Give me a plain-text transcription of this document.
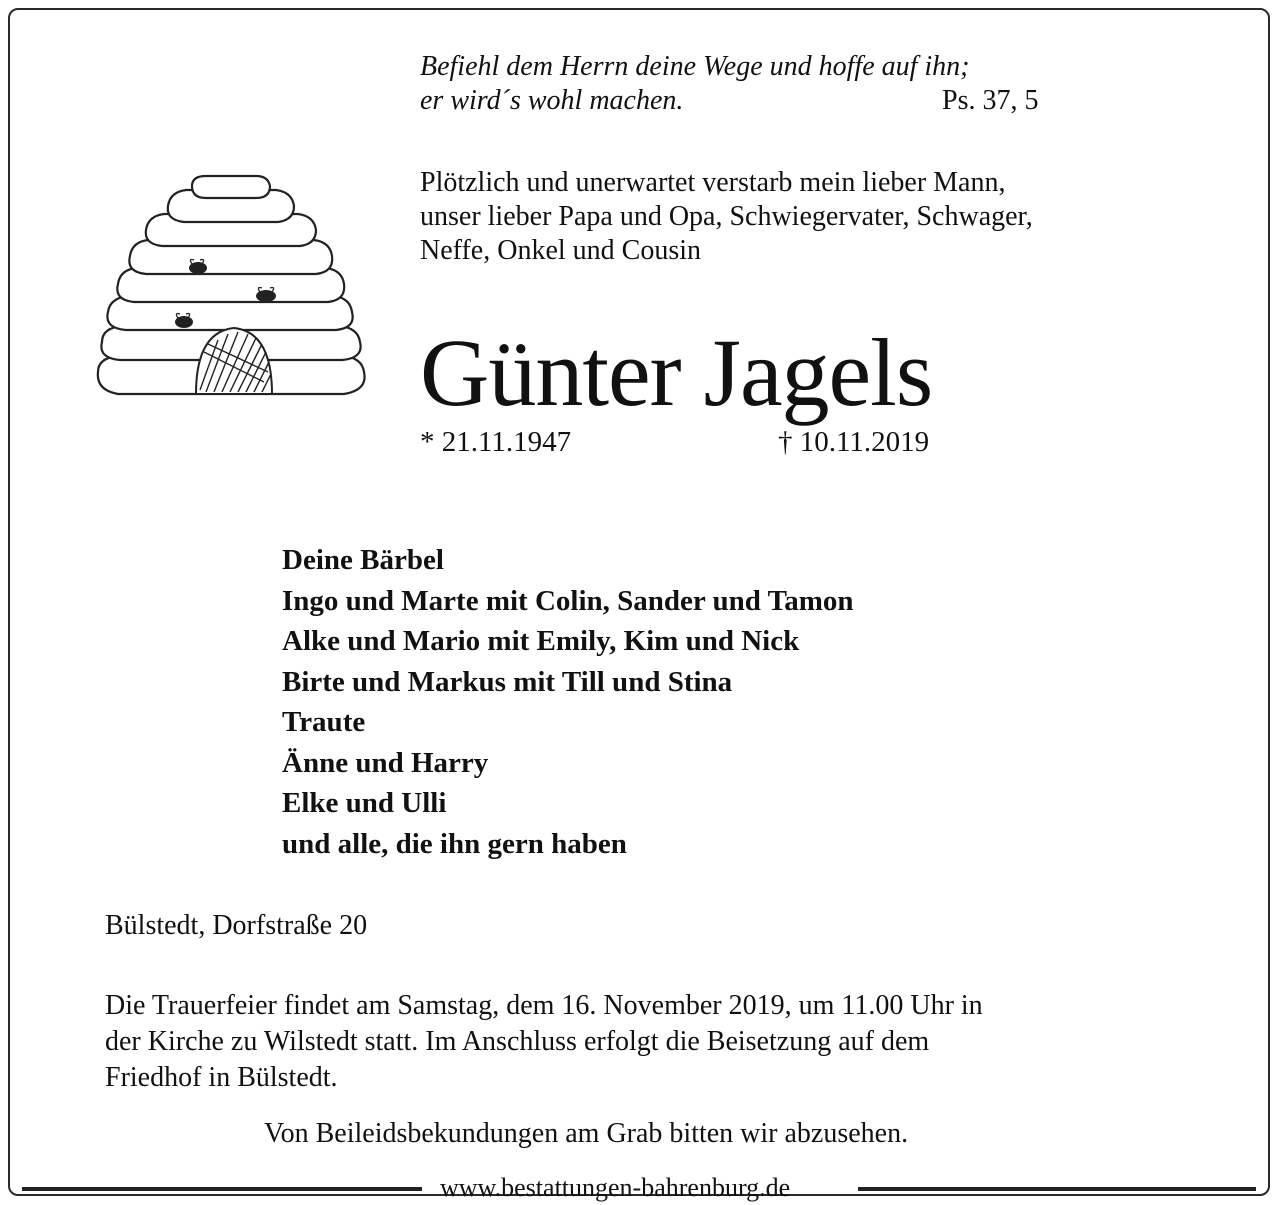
Befiehl dem Herrn deine Wege und hoffe auf ihn;
er wird´s wohl machen.	Ps. 37, 5
Plötzlich und unerwartet verstarb mein lieber Mann,
unser lieber Papa und Opa, Schwiegervater, Schwager,
Neffe, Onkel und Cousin
Günter Jagels
* 21.11.1947	† 10.11.2019
Deine Bärbel
Ingo und Marte mit Colin, Sander und Tamon
Alke und Mario mit Emily, Kim und Nick
Birte und Markus mit Till und Stina
Traute
Änne und Harry
Elke und Ulli
und alle, die ihn gern haben
Bülstedt, Dorfstraße 20
Die Trauerfeier findet am Samstag, dem 16. November 2019, um 11.00 Uhr in
der Kirche zu Wilstedt statt. Im Anschluss erfolgt die Beisetzung auf dem
Friedhof in Bülstedt.
Von Beileidsbekundungen am Grab bitten wir abzusehen.
www.bestattungen-bahrenburg.de
